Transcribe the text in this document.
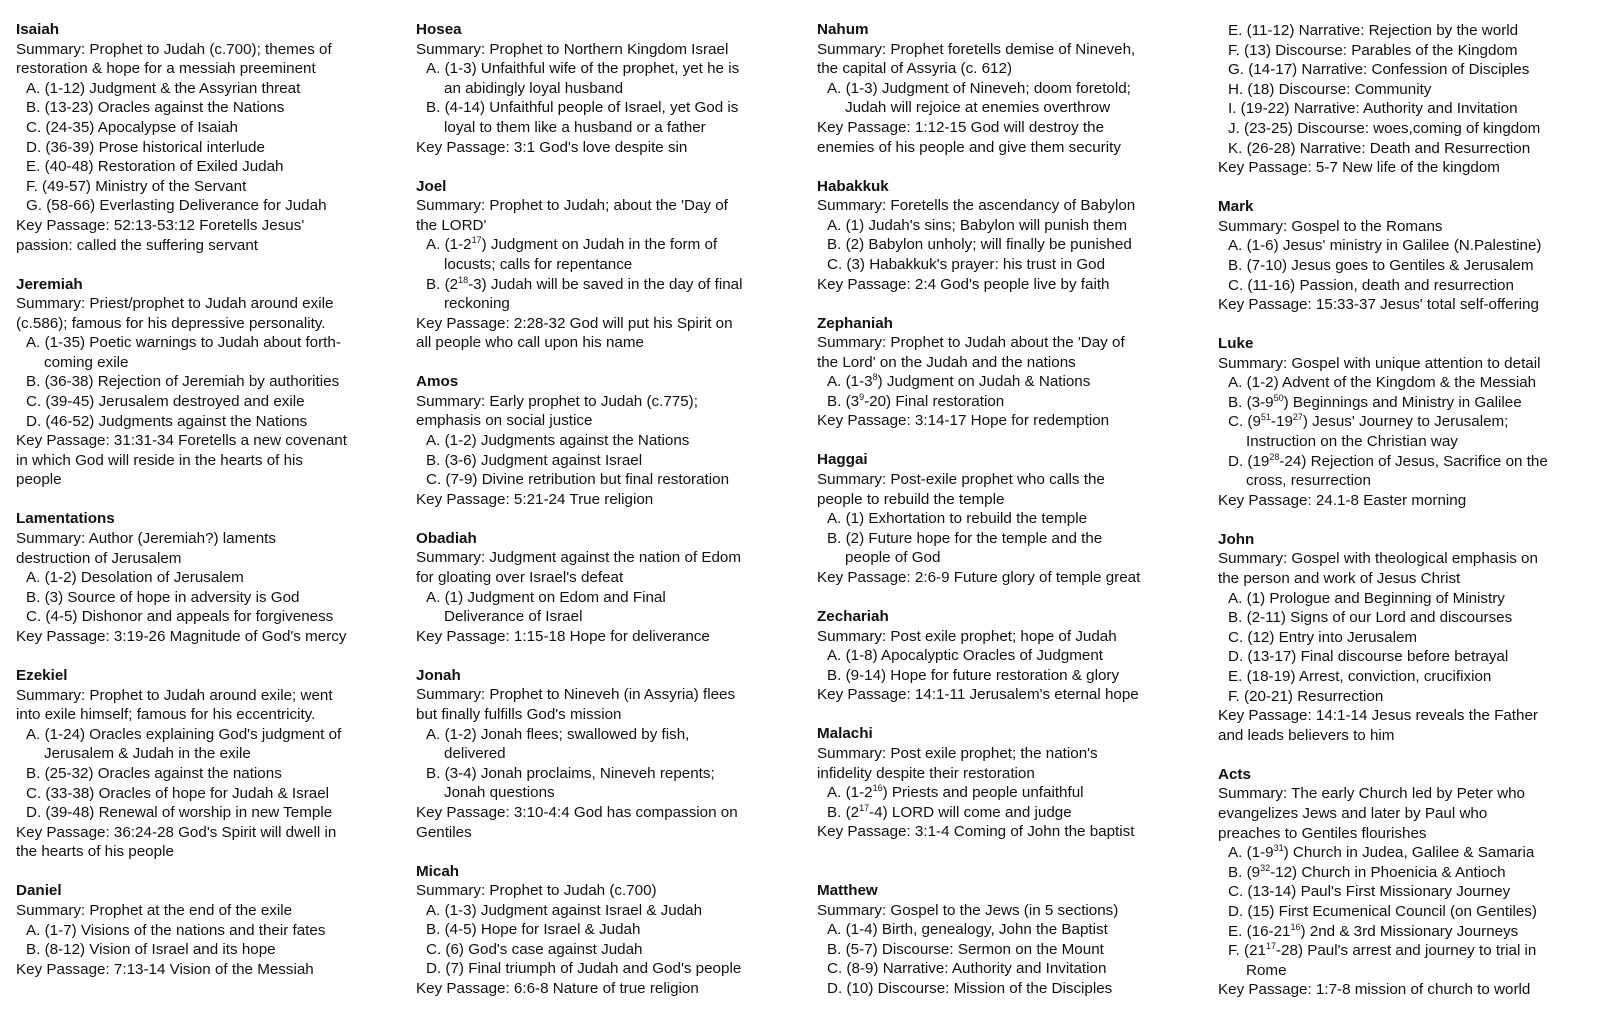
Isaiah
Summary: Prophet to Judah (c.700); themes of
restoration & hope for a messiah preeminent
A. (1-12) Judgment & the Assyrian threat
B. (13-23) Oracles against the Nations
C. (24-35) Apocalypse of Isaiah
D. (36-39) Prose historical interlude
E. (40-48) Restoration of Exiled Judah
F. (49-57) Ministry of the Servant
G. (58-66) Everlasting Deliverance for Judah
Key Passage: 52:13-53:12 Foretells Jesus'
passion: called the suffering servant
Jeremiah
Summary: Priest/prophet to Judah around exile
(c.586); famous for his depressive personality.
A. (1-35) Poetic warnings to Judah about forth-
coming exile
B. (36-38) Rejection of Jeremiah by authorities
C. (39-45) Jerusalem destroyed and exile
D. (46-52) Judgments against the Nations
Key Passage: 31:31-34 Foretells a new covenant
in which God will reside in the hearts of his
people
Lamentations
Summary: Author (Jeremiah?) laments
destruction of Jerusalem
A. (1-2) Desolation of Jerusalem
B. (3) Source of hope in adversity is God
C. (4-5) Dishonor and appeals for forgiveness
Key Passage: 3:19-26 Magnitude of God's mercy
Ezekiel
Summary: Prophet to Judah around exile; went
into exile himself; famous for his eccentricity.
A. (1-24) Oracles explaining God's judgment of
Jerusalem & Judah in the exile
B. (25-32) Oracles against the nations
C. (33-38) Oracles of hope for Judah & Israel
D. (39-48) Renewal of worship in new Temple
Key Passage: 36:24-28 God's Spirit will dwell in
the hearts of his people
Daniel
Summary: Prophet at the end of the exile
A. (1-7) Visions of the nations and their fates
B. (8-12) Vision of Israel and its hope
Key Passage: 7:13-14 Vision of the Messiah
Hosea
Summary: Prophet to Northern Kingdom Israel
A. (1-3) Unfaithful wife of the prophet, yet he is
an abidingly loyal husband
B. (4-14) Unfaithful people of Israel, yet God is
loyal to them like a husband or a father
Key Passage: 3:1 God's love despite sin
Joel
Summary: Prophet to Judah; about the 'Day of
the LORD'
A. $(1-2^{17})$ Judgment on Judah in the form of
locusts; calls for repentance
B. $(2^{18}-3)$ Judah will be saved in the day of final
reckoning
Key Passage: 2:28-32 God will put his Spirit on
all people who call upon his name
Amos
Summary: Early prophet to Judah (c.775);
emphasis on social justice
A. (1-2) Judgments against the Nations
B. (3-6) Judgment against Israel
C. (7-9) Divine retribution but final restoration
Key Passage: 5:21-24 True religion
Obadiah
Summary: Judgment against the nation of Edom
for gloating over Israel's defeat
A. (1) Judgment on Edom and Final
Deliverance of Israel
Key Passage: 1:15-18 Hope for deliverance
Jonah
Summary: Prophet to Nineveh (in Assyria) flees
but finally fulfills God's mission
A. (1-2) Jonah flees; swallowed by fish,
delivered
B. (3-4) Jonah proclaims, Nineveh repents;
Jonah questions
Key Passage: 3:10-4:4 God has compassion on
Gentiles
Micah
Summary: Prophet to Judah (c.700)
A. (1-3) Judgment against Israel & Judah
B. (4-5) Hope for Israel & Judah
C. (6) God's case against Judah
D. (7) Final triumph of Judah and God's people
Key Passage: 6:6-8 Nature of true religion
Nahum
Summary: Prophet foretells demise of Nineveh,
the capital of Assyria (c. 612)
A. (1-3) Judgment of Nineveh; doom foretold;
Judah will rejoice at enemies overthrow
Key Passage: 1:12-15 God will destroy the
enemies of his people and give them security
Habakkuk
Summary: Foretells the ascendancy of Babylon
A. (1) Judah's sins; Babylon will punish them
B. (2) Babylon unholy; will finally be punished
C. (3) Habakkuk's prayer: his trust in God
Key Passage: 2:4 God's people live by faith
Zephaniah
Summary: Prophet to Judah about the 'Day of
the Lord' on the Judah and the nations
A. $(1-3^8)$ Judgment on Judah & Nations
B. $(3^9-20)$ Final restoration
Key Passage: 3:14-17 Hope for redemption
Haggai
Summary: Post-exile prophet who calls the
people to rebuild the temple
A. (1) Exhortation to rebuild the temple
B. (2) Future hope for the temple and the
people of God
Key Passage: 2:6-9 Future glory of temple great
Zechariah
Summary: Post exile prophet; hope of Judah
A. (1-8) Apocalyptic Oracles of Judgment
B. (9-14) Hope for future restoration & glory
Key Passage: 14:1-11 Jerusalem's eternal hope
Malachi
Summary: Post exile prophet; the nation's
infidelity despite their restoration
A. $(1-2^{16})$ Priests and people unfaithful
B. $(2^{17}-4)$ LORD will come and judge
Key Passage: 3:1-4 Coming of John the baptist
Matthew
Summary: Gospel to the Jews (in 5 sections)
A. (1-4) Birth, genealogy, John the Baptist
B. (5-7) Discourse: Sermon on the Mount
C. (8-9) Narrative: Authority and Invitation
D. (10) Discourse: Mission of the Disciples
E. (11-12) Narrative: Rejection by the world
F. (13) Discourse: Parables of the Kingdom
G. (14-17) Narrative: Confession of Disciples
H. (18) Discourse: Community
I. (19-22) Narrative: Authority and Invitation
J. (23-25) Discourse: woes,coming of kingdom
K. (26-28) Narrative: Death and Resurrection
Key Passage: 5-7 New life of the kingdom
Mark
Summary: Gospel to the Romans
A. (1-6) Jesus' ministry in Galilee (N.Palestine)
B. (7-10) Jesus goes to Gentiles & Jerusalem
C. (11-16) Passion, death and resurrection
Key Passage: 15:33-37 Jesus' total self-offering
Luke
Summary: Gospel with unique attention to detail
A. (1-2) Advent of the Kingdom & the Messiah
B. $(3-9^{50})$ Beginnings and Ministry in Galilee
C. $(9^{51}-19^{27})$ Jesus' Journey to Jerusalem;
Instruction on the Christian way
D. $(19^{28}-24)$ Rejection of Jesus, Sacrifice on the
cross, resurrection
Key Passage: 24.1-8 Easter morning
John
Summary: Gospel with theological emphasis on
the person and work of Jesus Christ
A. (1) Prologue and Beginning of Ministry
B. (2-11) Signs of our Lord and discourses
C. (12) Entry into Jerusalem
D. (13-17) Final discourse before betrayal
E. (18-19) Arrest, conviction, crucifixion
F. (20-21) Resurrection
Key Passage: 14:1-14 Jesus reveals the Father
and leads believers to him
Acts
Summary: The early Church led by Peter who
evangelizes Jews and later by Paul who
preaches to Gentiles flourishes
A. $(1-9^{31})$ Church in Judea, Galilee & Samaria
B. $(9^{32}-12)$ Church in Phoenicia & Antioch
C. (13-14) Paul's First Missionary Journey
D. (15) First Ecumenical Council (on Gentiles)
E. $(16-21^{16})$ 2nd & 3rd Missionary Journeys
F. $(21^{17}-28)$ Paul's arrest and journey to trial in
Rome
Key Passage: 1:7-8 mission of church to world
